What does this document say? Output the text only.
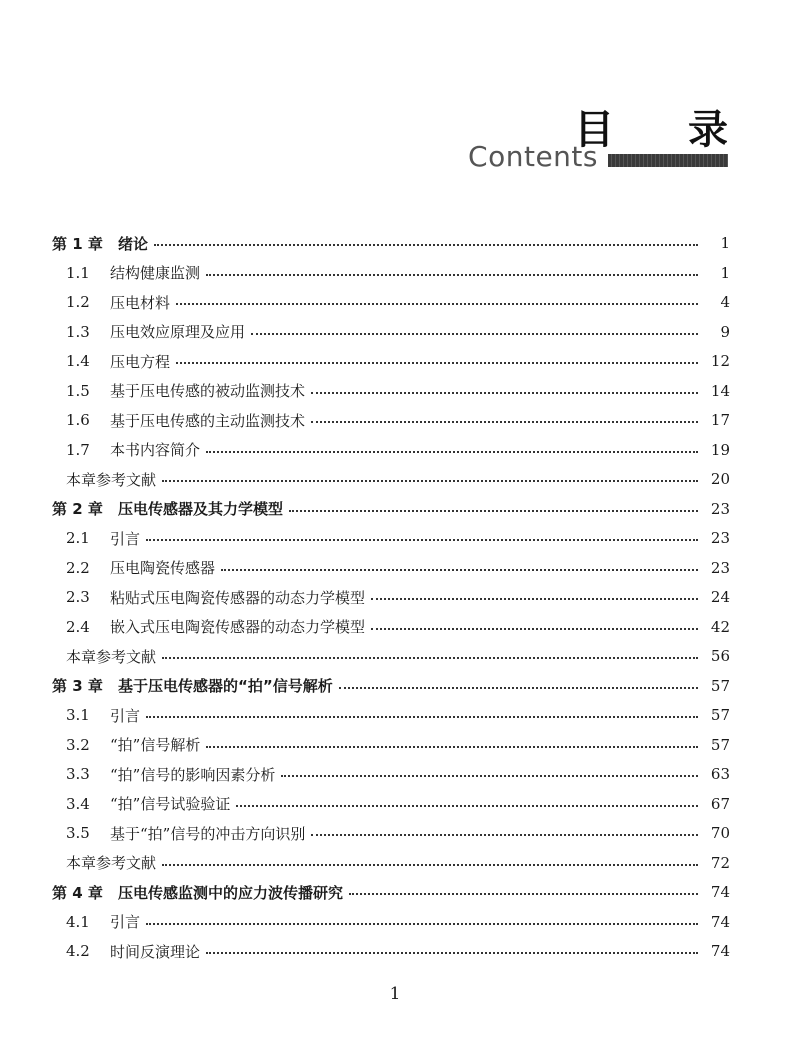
目 录
Contents
第 1 章	绪论	1
1.1	结构健康监测	1
1.2	压电材料	4
1.3	压电效应原理及应用	9
1.4	压电方程	12
1.5	基于压电传感的被动监测技术	14
1.6	基于压电传感的主动监测技术	17
1.7	本书内容简介	19
本章参考文献	20
第 2 章	压电传感器及其力学模型	23
2.1	引言	23
2.2	压电陶瓷传感器	23
2.3	粘贴式压电陶瓷传感器的动态力学模型	24
2.4	嵌入式压电陶瓷传感器的动态力学模型	42
本章参考文献	56
第 3 章	基于压电传感器的“拍”信号解析	57
3.1	引言	57
3.2	“拍”信号解析	57
3.3	“拍”信号的影响因素分析	63
3.4	“拍”信号试验验证	67
3.5	基于“拍”信号的冲击方向识别	70
本章参考文献	72
第 4 章	压电传感监测中的应力波传播研究	74
4.1	引言	74
4.2	时间反演理论	74
1
